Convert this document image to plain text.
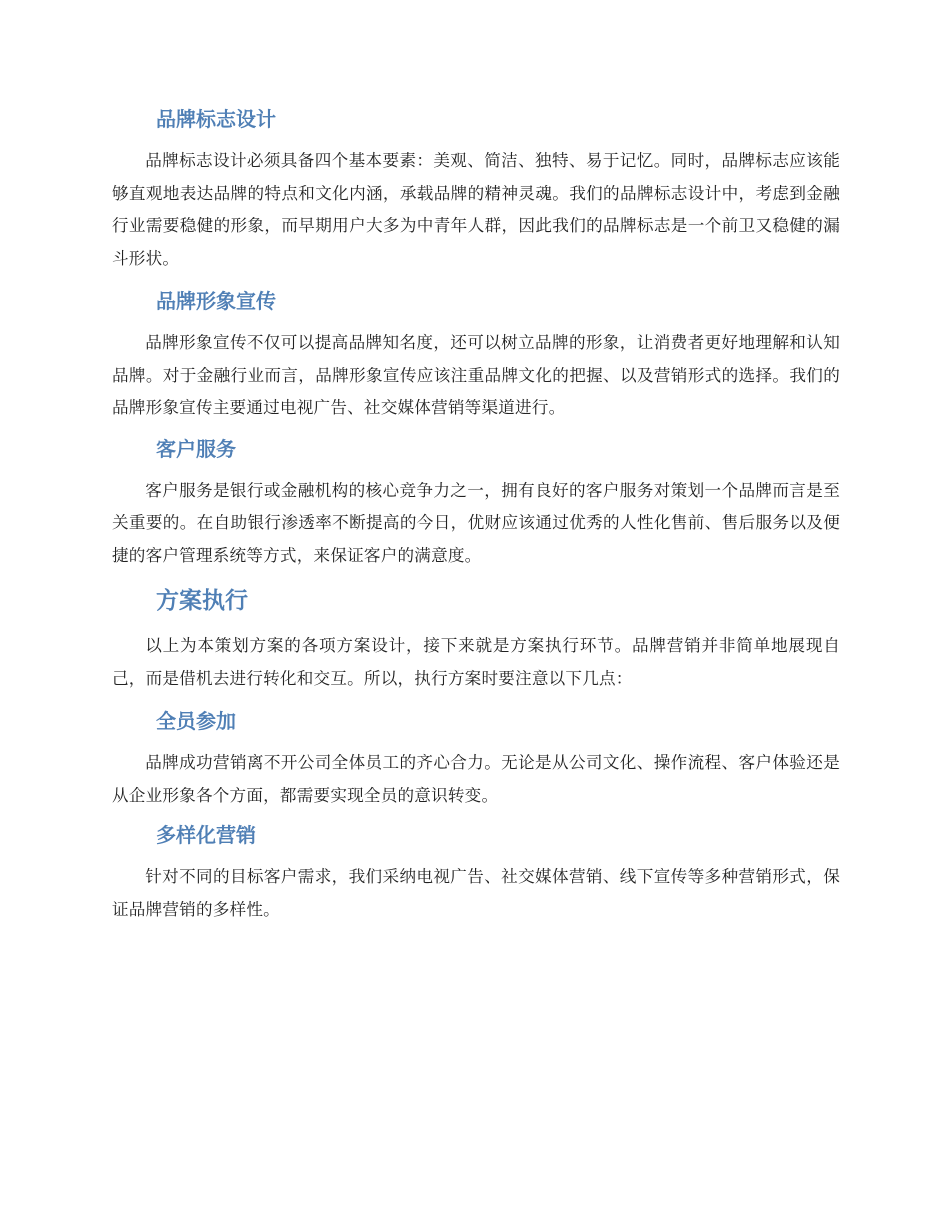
品牌标志设计

品牌标志设计必须具备四个基本要素：美观、简洁、独特、易于记忆。同时，品牌标志应该能够直观地表达品牌的特点和文化内涵，承载品牌的精神灵魂。我们的品牌标志设计中，考虑到金融行业需要稳健的形象，而早期用户大多为中青年人群，因此我们的品牌标志是一个前卫又稳健的漏斗形状。

品牌形象宣传

品牌形象宣传不仅可以提高品牌知名度，还可以树立品牌的形象，让消费者更好地理解和认知品牌。对于金融行业而言，品牌形象宣传应该注重品牌文化的把握、以及营销形式的选择。我们的品牌形象宣传主要通过电视广告、社交媒体营销等渠道进行。

客户服务

客户服务是银行或金融机构的核心竞争力之一，拥有良好的客户服务对策划一个品牌而言是至关重要的。在自助银行渗透率不断提高的今日，优财应该通过优秀的人性化售前、售后服务以及便捷的客户管理系统等方式，来保证客户的满意度。

方案执行

以上为本策划方案的各项方案设计，接下来就是方案执行环节。品牌营销并非简单地展现自己，而是借机去进行转化和交互。所以，执行方案时要注意以下几点：

全员参加

品牌成功营销离不开公司全体员工的齐心合力。无论是从公司文化、操作流程、客户体验还是从企业形象各个方面，都需要实现全员的意识转变。

多样化营销

针对不同的目标客户需求，我们采纳电视广告、社交媒体营销、线下宣传等多种营销形式，保证品牌营销的多样性。
